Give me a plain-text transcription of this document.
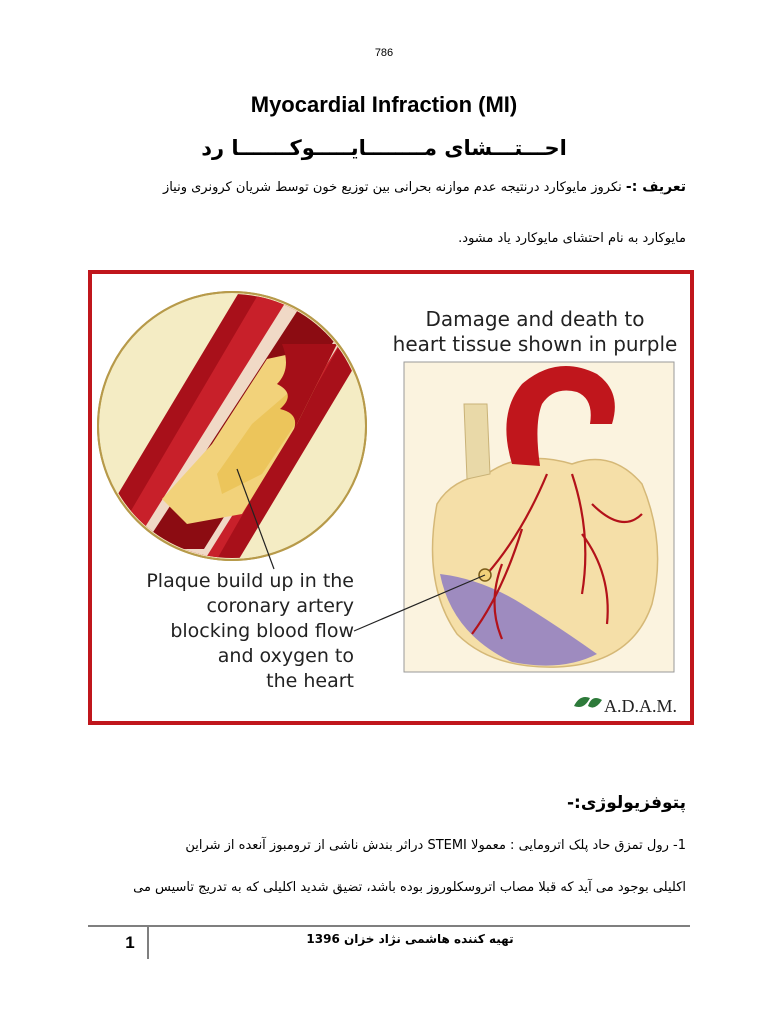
786
Myocardial Infraction (MI)
احـــتـــشای مــــــــایـــــوکـــــــا رد
تعریف :- نکروز مایوکارد درنتیجه عدم موازنه بحرانی بین توزیع خون توسط شریان کرونری ونیاز
مایوکارد به نام احتشای مایوکارد یاد مشود.
Damage and death to
heart tissue shown in purple
Plaque build up in the
coronary artery
blocking blood flow
and oxygen to
the heart
A.D.A.M.
پتوفزیولوژی:-
1- رول تمزق حاد پلک اترومایی : معمولا STEMI دراثر بندش ناشی از ترومبوز آنعده از شراین
اکلیلی بوجود می آید که قبلا مصاب اتروسکلوروز بوده باشد، تضیق شدید اکلیلی که به تدریج تاسیس می
1	تهیه کننده هاشمی نژاد خزان 1396
